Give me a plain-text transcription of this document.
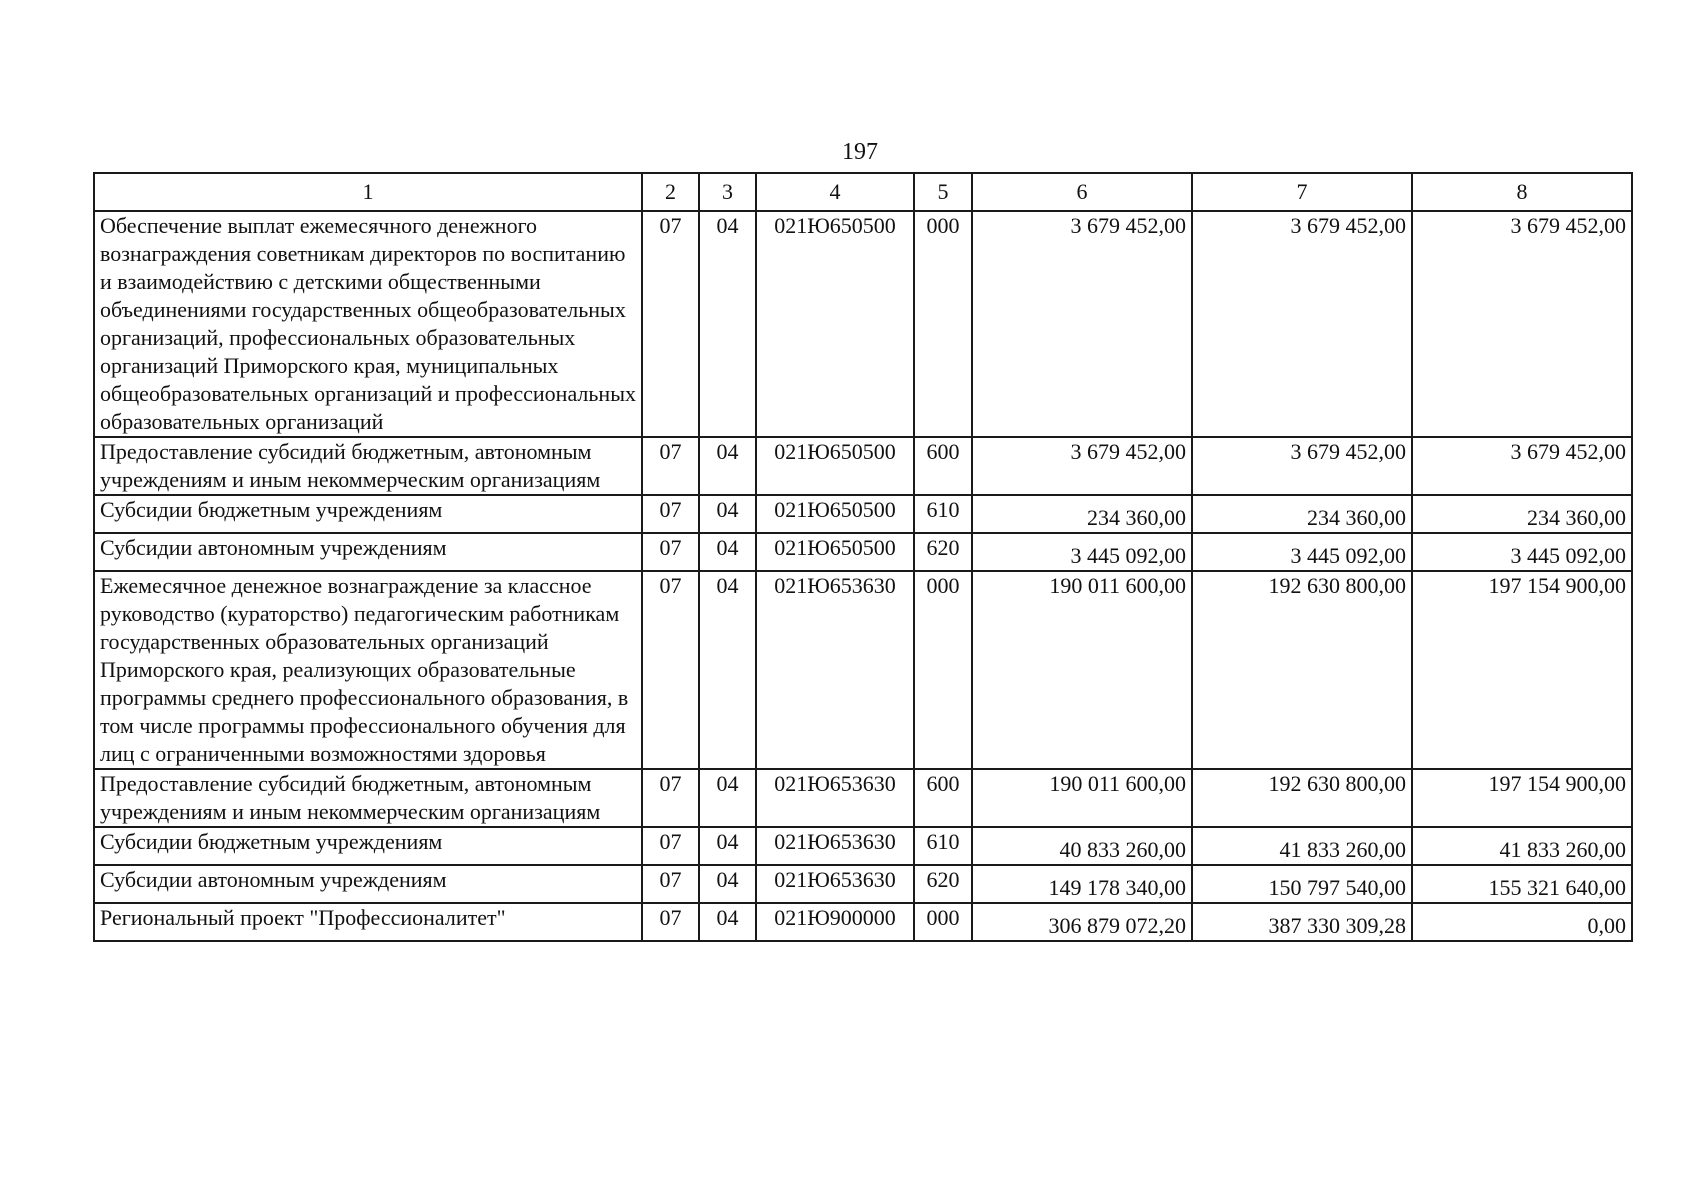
197
1	2	3	4	5	6	7	8
Обеспечение выплат ежемесячного денежного вознаграждения советникам директоров по воспитанию и взаимодействию с детскими общественными объединениями государственных общеобразовательных организаций, профессиональных образовательных организаций Приморского края, муниципальных общеобразовательных организаций и профессиональных образовательных организаций	07	04	021Ю650500	000	3 679 452,00	3 679 452,00	3 679 452,00
Предоставление субсидий бюджетным, автономным учреждениям и иным некоммерческим организациям	07	04	021Ю650500	600	3 679 452,00	3 679 452,00	3 679 452,00
Субсидии бюджетным учреждениям	07	04	021Ю650500	610	234 360,00	234 360,00	234 360,00
Субсидии автономным учреждениям	07	04	021Ю650500	620	3 445 092,00	3 445 092,00	3 445 092,00
Ежемесячное денежное вознаграждение за классное руководство (кураторство) педагогическим работникам государственных образовательных организаций Приморского края, реализующих образовательные программы среднего профессионального образования, в том числе программы профессионального обучения для лиц с ограниченными возможностями здоровья	07	04	021Ю653630	000	190 011 600,00	192 630 800,00	197 154 900,00
Предоставление субсидий бюджетным, автономным учреждениям и иным некоммерческим организациям	07	04	021Ю653630	600	190 011 600,00	192 630 800,00	197 154 900,00
Субсидии бюджетным учреждениям	07	04	021Ю653630	610	40 833 260,00	41 833 260,00	41 833 260,00
Субсидии автономным учреждениям	07	04	021Ю653630	620	149 178 340,00	150 797 540,00	155 321 640,00
Региональный проект "Профессионалитет"	07	04	021Ю900000	000	306 879 072,20	387 330 309,28	0,00
